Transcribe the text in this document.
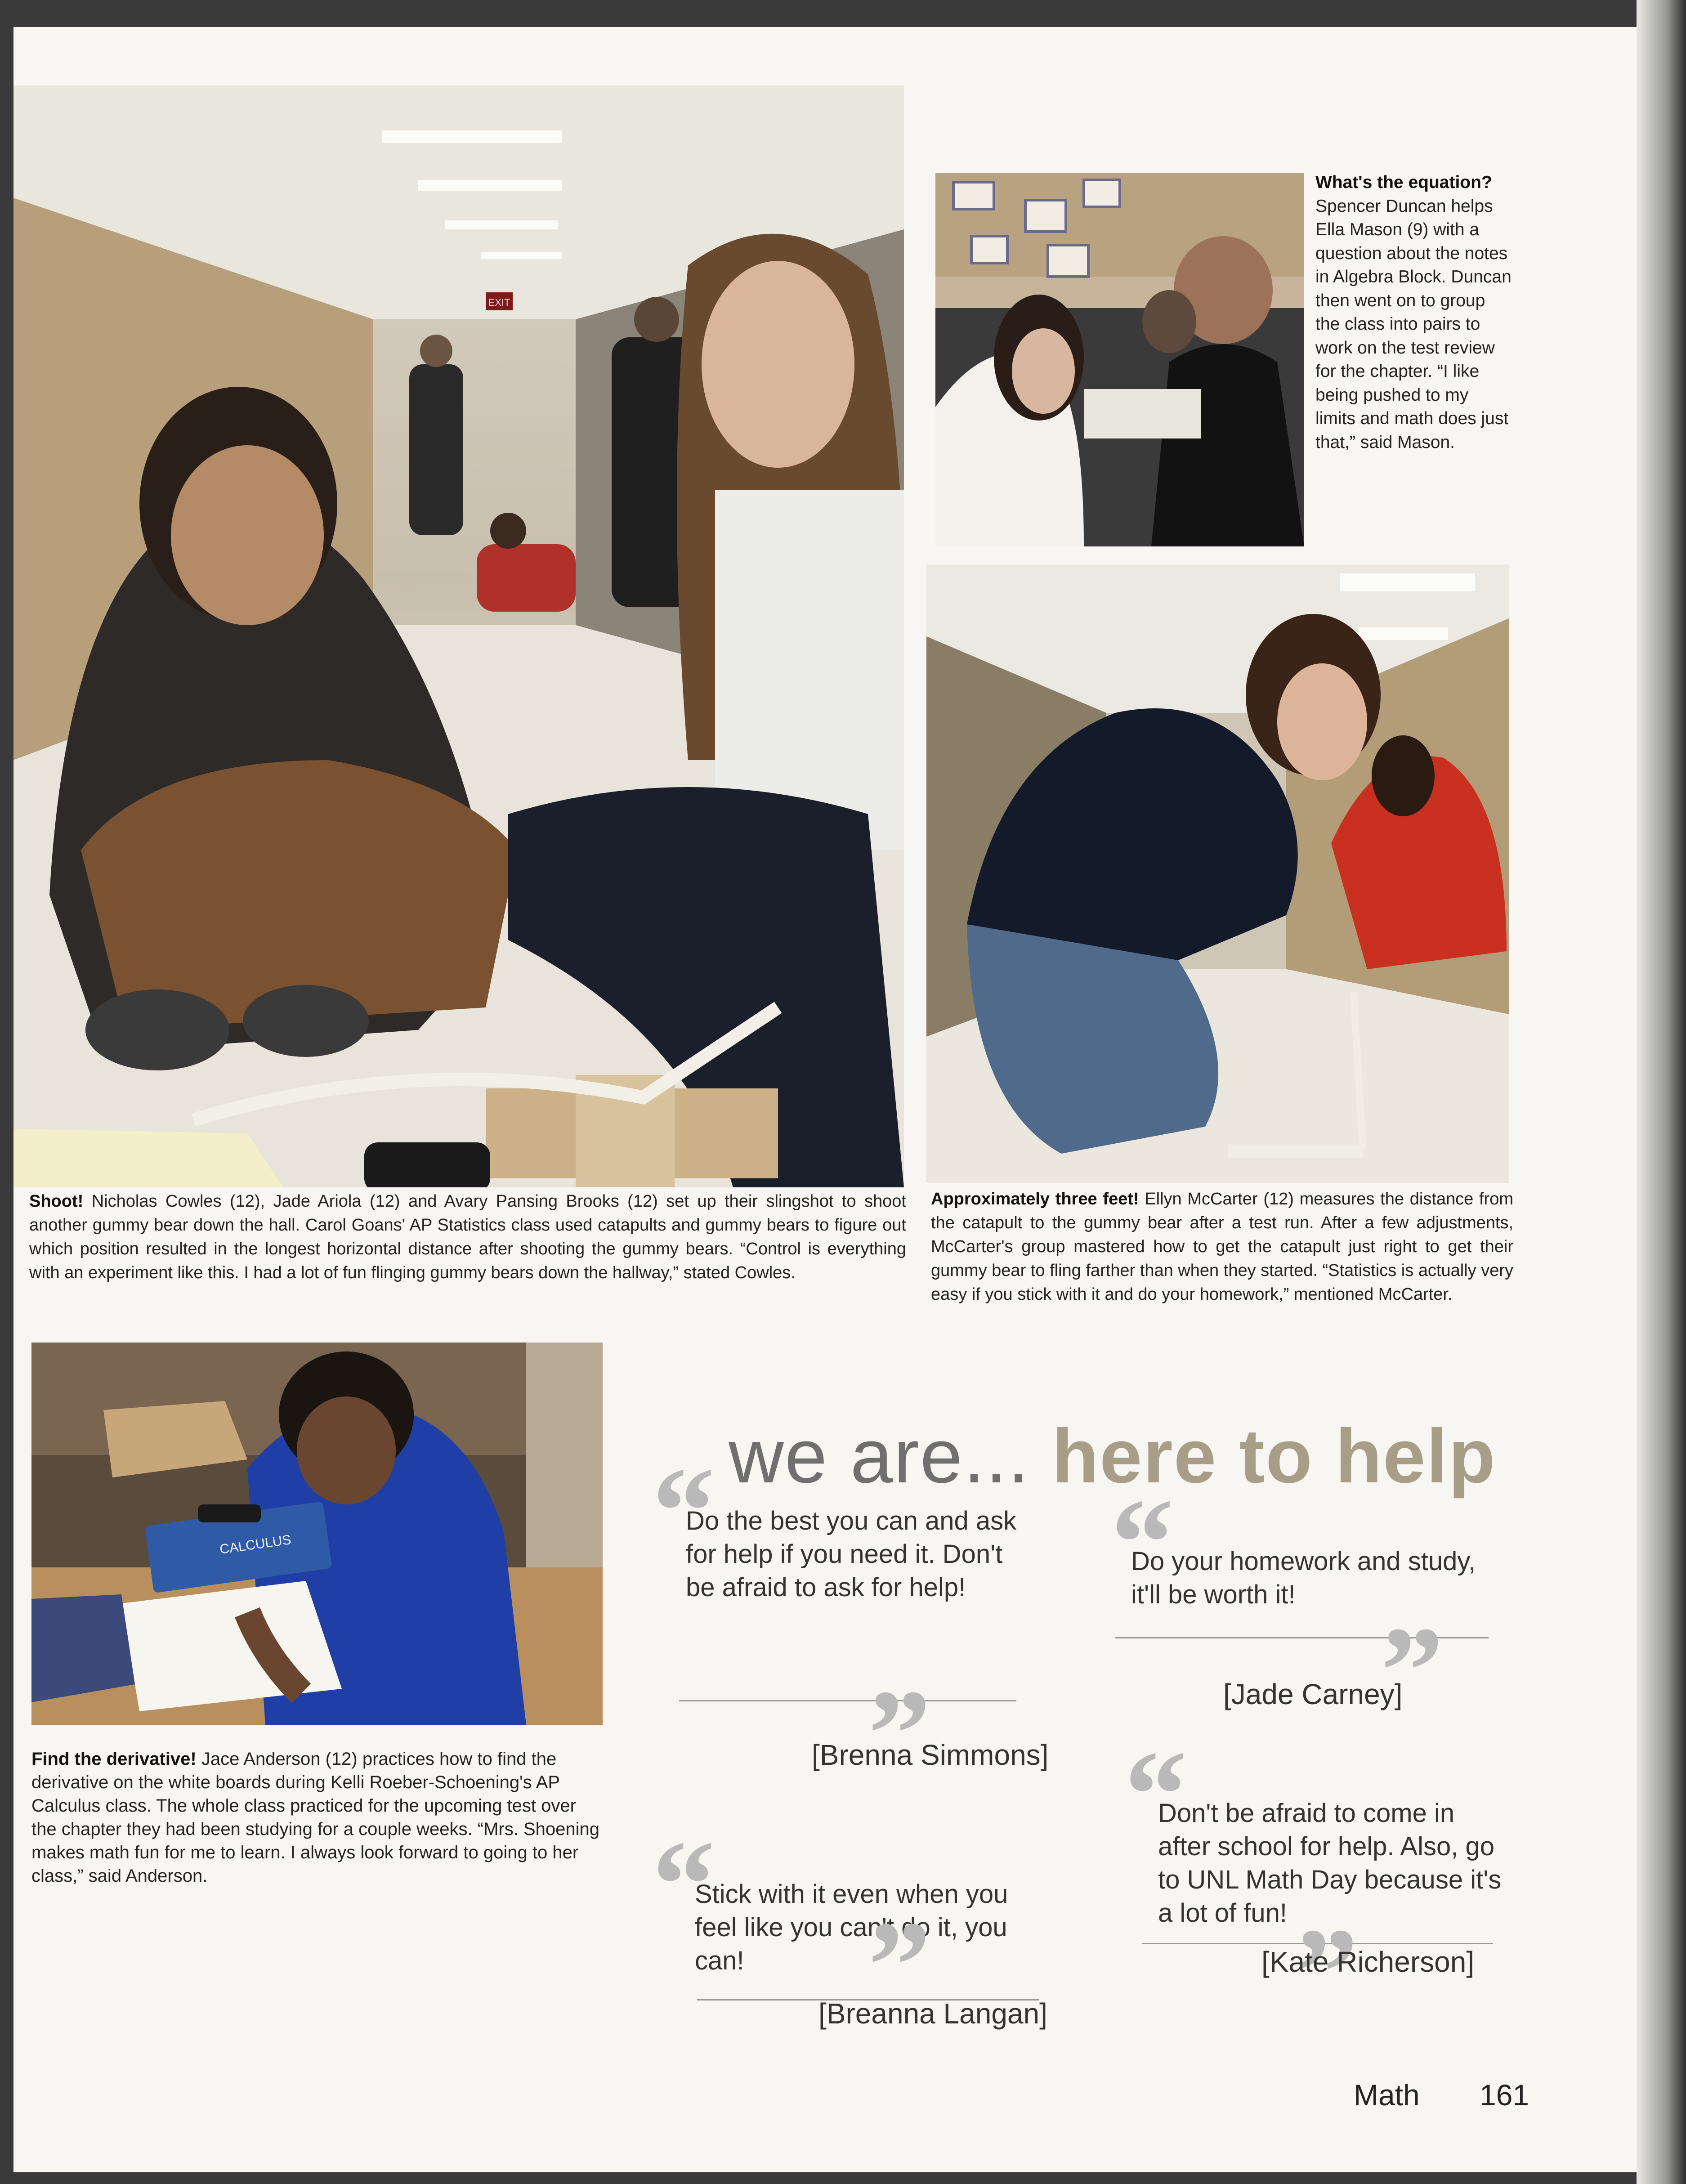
EXIT
Shoot! Nicholas Cowles (12), Jade Ariola (12) and Avary Pansing Brooks (12) set up their slingshot to shoot another gummy bear down the hall. Carol Goans' AP Statistics class used catapults and gummy bears to figure out which position resulted in the longest horizontal distance after shooting the gummy bears. “Control is everything with an experiment like this. I had a lot of fun flinging gummy bears down the hallway,” stated Cowles.
What's the equation? Spencer Duncan helps Ella Mason (9) with a question about the notes in Algebra Block. Duncan then went on to group the class into pairs to work on the test review for the chapter. “I like being pushed to my limits and math does just that,” said Mason.
Approximately three feet! Ellyn McCarter (12) measures the distance from the catapult to the gummy bear after a test run. After a few adjustments, McCarter's group mastered how to get the catapult just right to get their gummy bear to fling farther than when they started. “Statistics is actually very easy if you stick with it and do your homework,” mentioned McCarter.
CALCULUS
Find the derivative! Jace Anderson (12) practices how to find the derivative on the white boards during Kelli Roeber-Schoening's AP Calculus class. The whole class practiced for the upcoming test over the chapter they had been studying for a couple weeks. “Mrs. Shoening makes math fun for me to learn. I always look forward to going to her class,” said Anderson.
we are... here to help
“
Do the best you can and ask for help if you need it. Don't be afraid to ask for help!
”
[Brenna Simmons]
“
Do your homework and study, it'll be worth it!
”
[Jade Carney]
“
Stick with it even when you feel like you can't do it, you can! ”
[Breanna Langan]
“
Don't be afraid to come in after school for help. Also, go to UNL Math Day because it's a lot of fun! ”
[Kate Richerson]
Math 161
